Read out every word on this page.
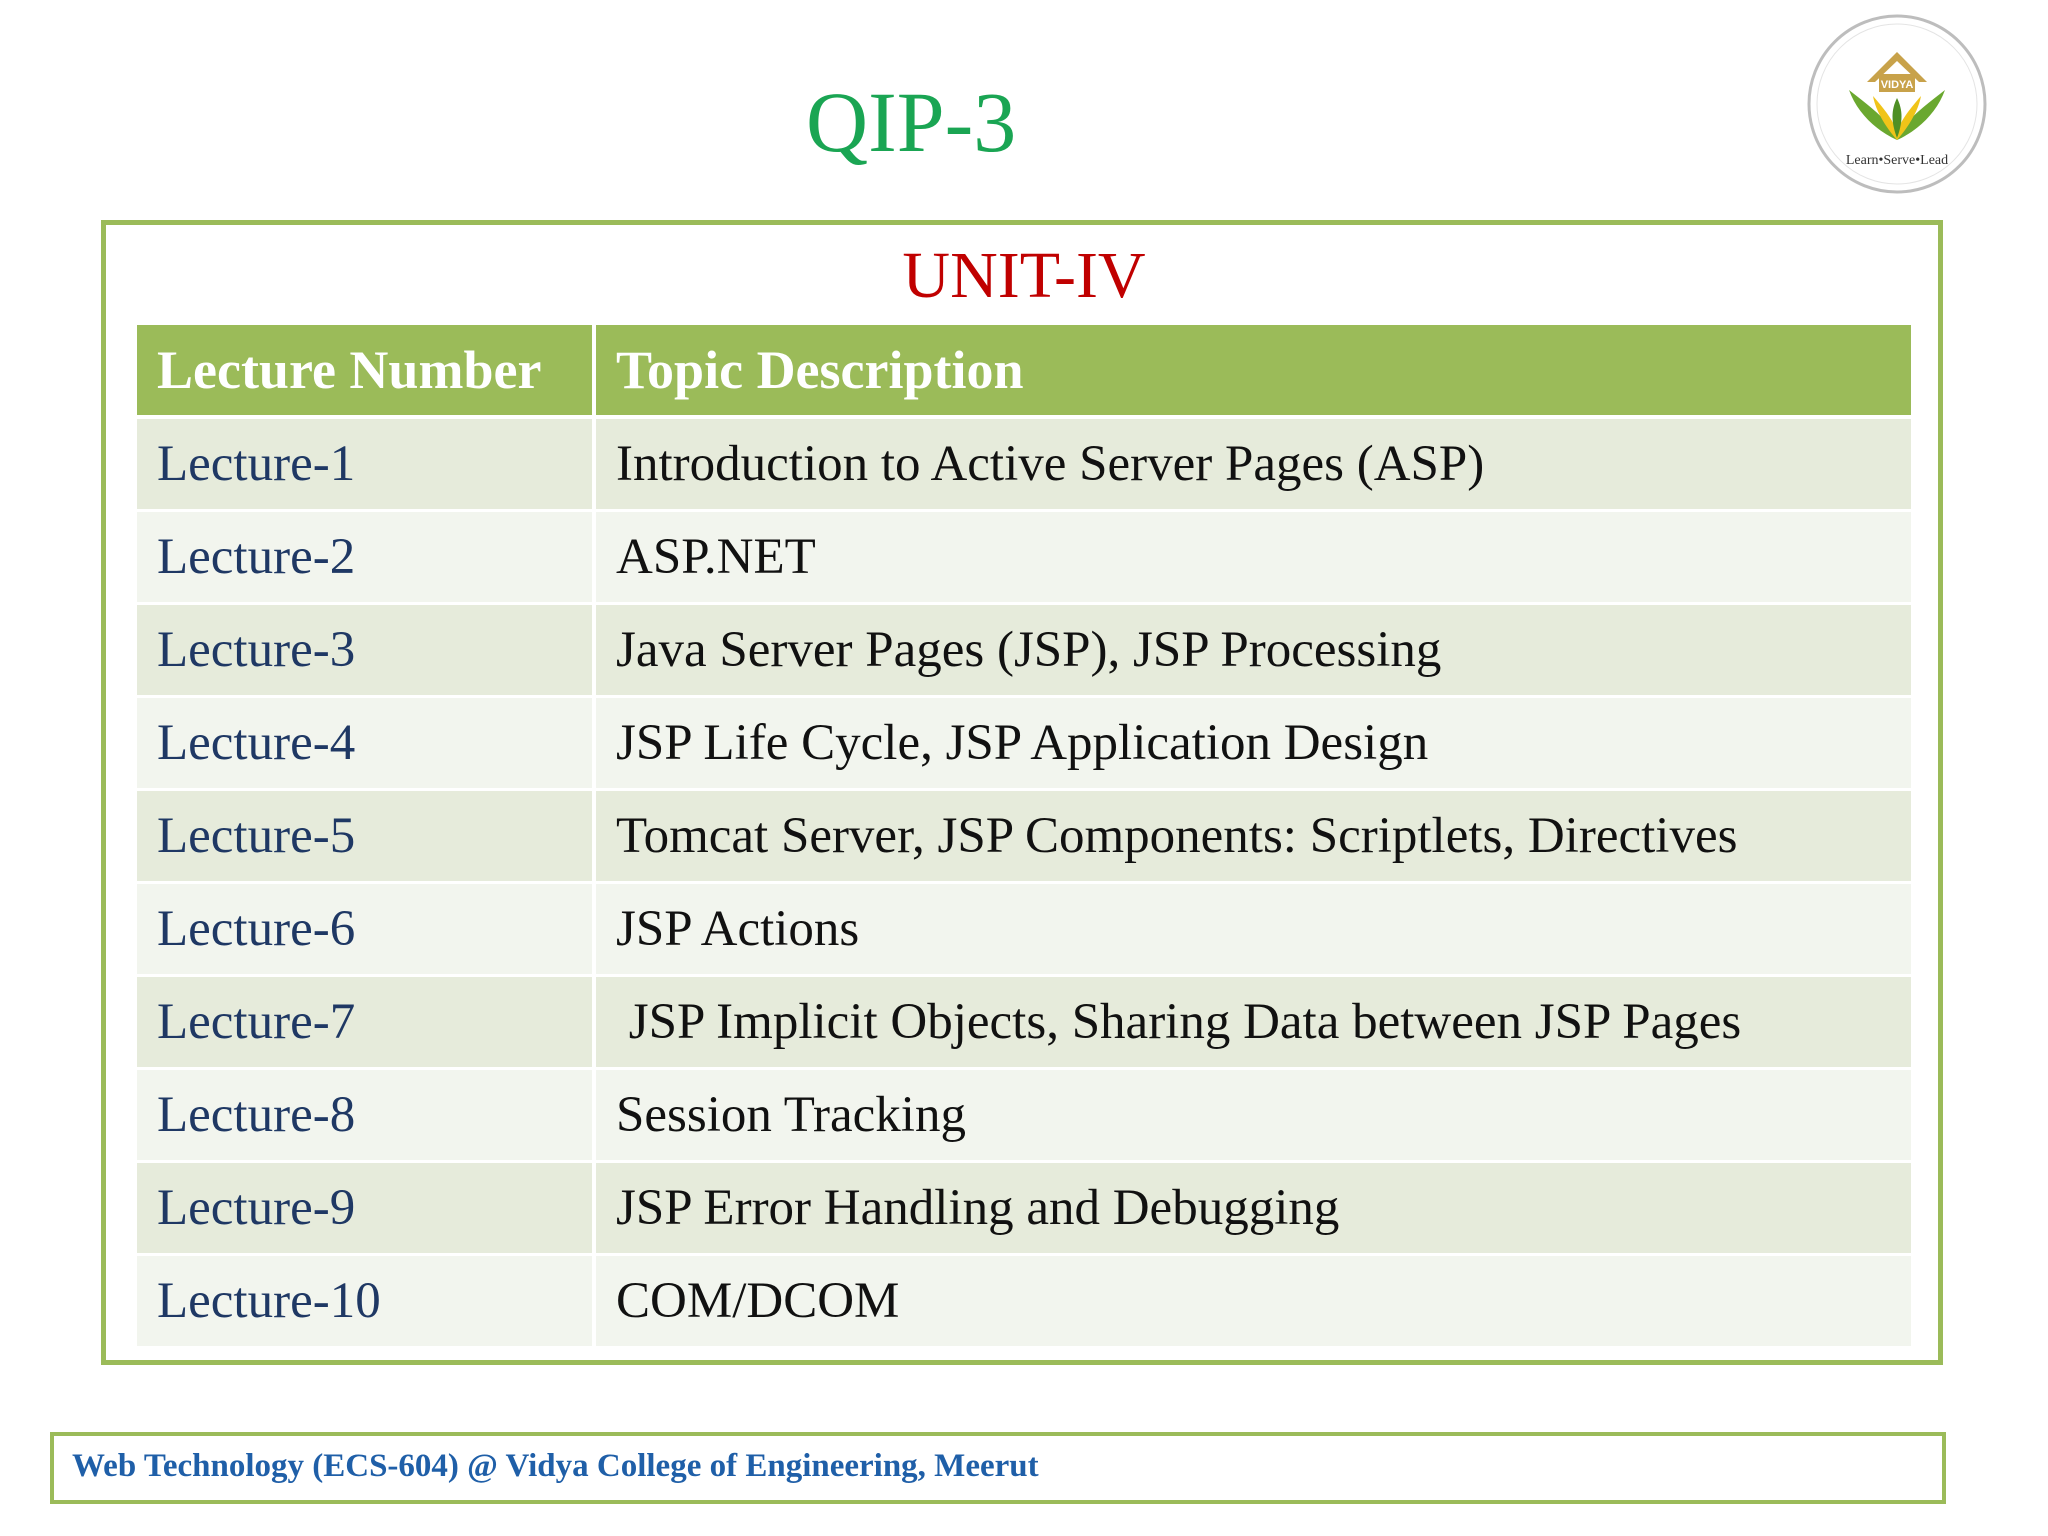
QIP-3	VIDYA
Learn•Serve•Lead
UNIT-IV
Lecture Number	Topic Description
Lecture-1	Introduction to Active Server Pages (ASP)
Lecture-2	ASP.NET
Lecture-3	Java Server Pages (JSP), JSP Processing
Lecture-4	JSP Life Cycle, JSP Application Design
Lecture-5	Tomcat Server, JSP Components: Scriptlets, Directives
Lecture-6	JSP Actions
Lecture-7	JSP Implicit Objects, Sharing Data between JSP Pages
Lecture-8	Session Tracking
Lecture-9	JSP Error Handling and Debugging
Lecture-10	COM/DCOM
Web Technology (ECS-604) @ Vidya College of Engineering, Meerut
